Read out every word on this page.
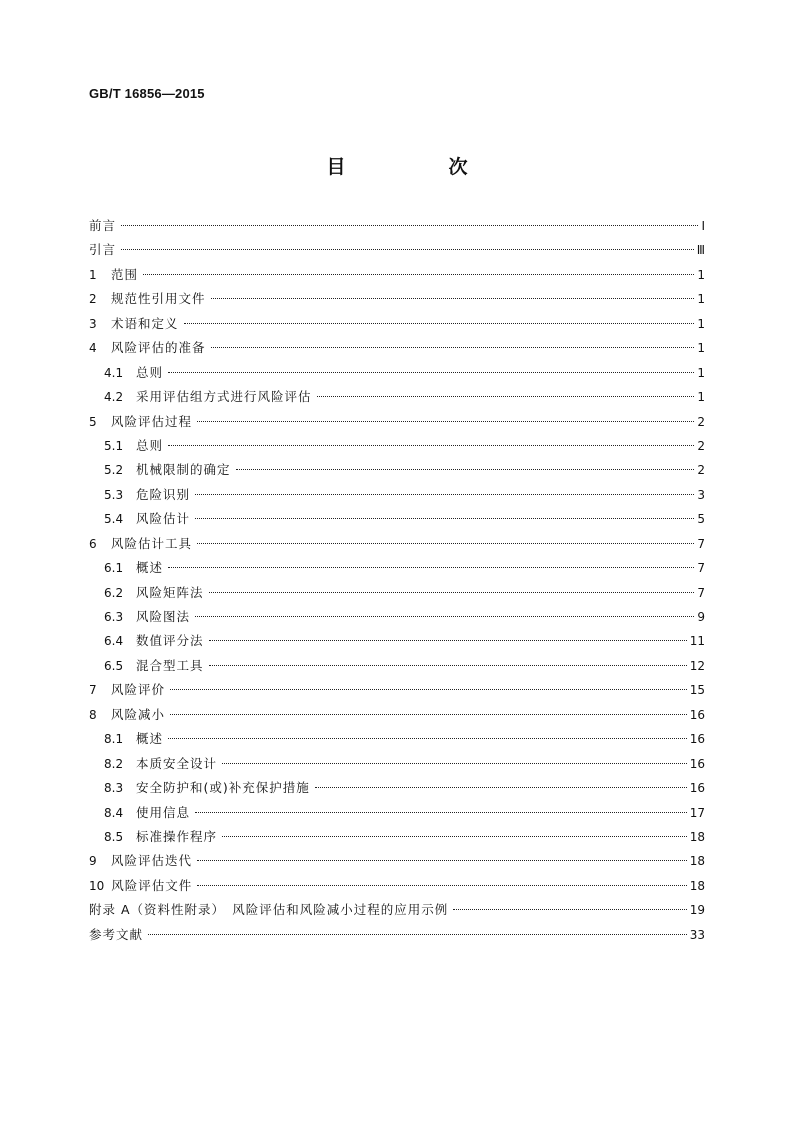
GB/T 16856—2015
目　次
前言	Ⅰ
引言	Ⅲ
1	范围	1
2	规范性引用文件	1
3	术语和定义	1
4	风险评估的准备	1
4.1	总则	1
4.2	采用评估组方式进行风险评估	1
5	风险评估过程	2
5.1	总则	2
5.2	机械限制的确定	2
5.3	危险识别	3
5.4	风险估计	5
6	风险估计工具	7
6.1	概述	7
6.2	风险矩阵法	7
6.3	风险图法	9
6.4	数值评分法	11
6.5	混合型工具	12
7	风险评价	15
8	风险减小	16
8.1	概述	16
8.2	本质安全设计	16
8.3	安全防护和(或)补充保护措施	16
8.4	使用信息	17
8.5	标准操作程序	18
9	风险评估迭代	18
10 风险评估文件	18
附录 A（资料性附录）　风险评估和风险减小过程的应用示例	19
参考文献	33
